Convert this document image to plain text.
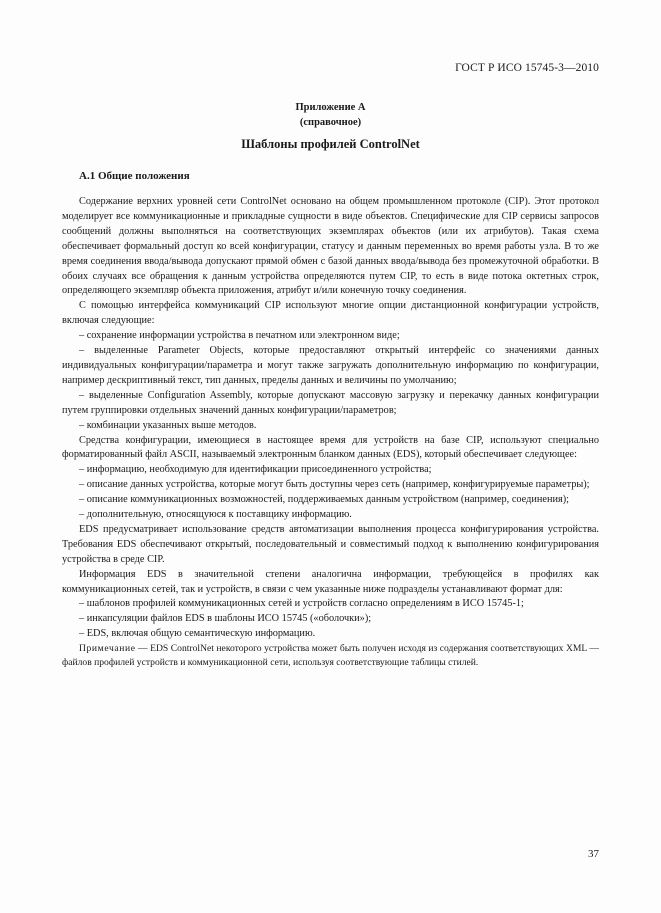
ГОСТ Р ИСО 15745-3—2010
Приложение А
(справочное)
Шаблоны профилей ControlNet
А.1 Общие положения

Содержание верхних уровней сети ControlNet основано на общем промышленном протоколе (CIP). Этот протокол моделирует все коммуникационные и прикладные сущности в виде объектов. Специфические для CIP сервисы запросов сообщений должны выполняться на соответствующих экземплярах объектов (или их атрибутов). Такая схема обеспечивает формальный доступ ко всей конфигурации, статусу и данным переменных во время работы узла. В то же время соединения ввода/вывода допускают прямой обмен с базой данных ввода/вывода без промежуточной обработки. В обоих случаях все обращения к данным устройства определяются путем CIP, то есть в виде потока октетных строк, определяющего экземпляр объекта приложения, атрибут и/или конечную точку соединения.

С помощью интерфейса коммуникаций CIP используют многие опции дистанционной конфигурации устройств, включая следующие:

– сохранение информации устройства в печатном или электронном виде;

– выделенные Parameter Objects, которые предоставляют открытый интерфейс со значениями данных индивидуальных конфигурации/параметра и могут также загружать дополнительную информацию по конфигурации, например дескриптивный текст, тип данных, пределы данных и величины по умолчанию;

– выделенные Configuration Assembly, которые допускают массовую загрузку и перекачку данных конфигурации путем группировки отдельных значений данных конфигурации/параметров;

– комбинации указанных выше методов.

Средства конфигурации, имеющиеся в настоящее время для устройств на базе CIP, используют специально форматированный файл ASCII, называемый электронным бланком данных (EDS), который обеспечивает следующее:

– информацию, необходимую для идентификации присоединенного устройства;

– описание данных устройства, которые могут быть доступны через сеть (например, конфигурируемые параметры);

– описание коммуникационных возможностей, поддерживаемых данным устройством (например, соединения);

– дополнительную, относящуюся к поставщику информацию.

EDS предусматривает использование средств автоматизации выполнения процесса конфигурирования устройства. Требования EDS обеспечивают открытый, последовательный и совместимый подход к выполнению конфигурирования устройства в среде CIP.

Информация EDS в значительной степени аналогична информации, требующейся в профилях как коммуникационных сетей, так и устройств, в связи с чем указанные ниже подразделы устанавливают формат для:

– шаблонов профилей коммуникационных сетей и устройств согласно определениям в ИСО 15745-1;

– инкапсуляции файлов EDS в шаблоны ИСО 15745 («оболочки»);

– EDS, включая общую семантическую информацию.

Примечание — EDS ControlNet некоторого устройства может быть получен исходя из содержания соответствующих XML — файлов профилей устройств и коммуникационной сети, используя соответствующие таблицы стилей.

37
